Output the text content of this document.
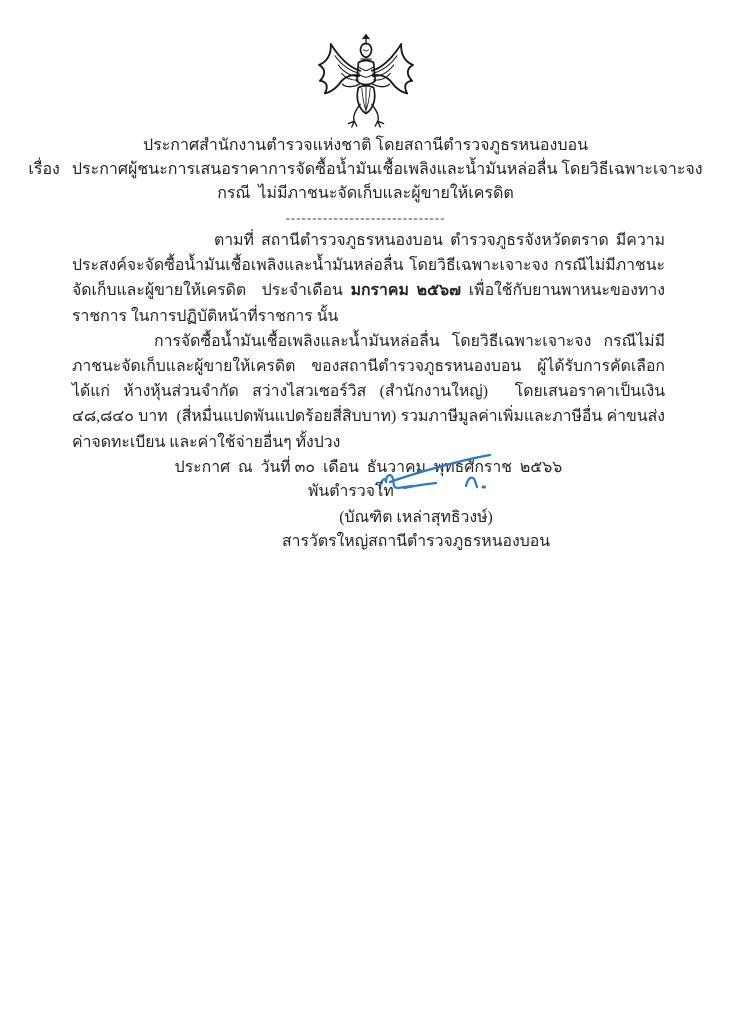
ประกาศสำนักงานตำรวจแห่งชาติ โดยสถานีตำรวจภูธรหนองบอน

เรื่อง   ประกาศผู้ชนะการเสนอราคาการจัดซื้อน้ำมันเชื้อเพลิงและน้ำมันหล่อลื่น โดยวิธีเฉพาะเจาะจง

กรณี  ไม่มีภาชนะจัดเก็บและผู้ขายให้เครดิต

------------------------------

ตามที่ สถานีตำรวจภูธรหนองบอน ตำรวจภูธรจังหวัดตราด มีความประสงค์จะจัดซื้อน้ำมันเชื้อเพลิงและน้ำมันหล่อลื่น โดยวิธีเฉพาะเจาะจง กรณีไม่มีภาชนะจัดเก็บและผู้ขายให้เครดิต  ประจำเดือน มกราคม ๒๕๖๗ เพื่อใช้กับยานพาหนะของทางราชการ ในการปฏิบัติหน้าที่ราชการ นั้น

การจัดซื้อน้ำมันเชื้อเพลิงและน้ำมันหล่อลื่น โดยวิธีเฉพาะเจาะจง กรณีไม่มีภาชนะจัดเก็บและผู้ขายให้เครดิต ของสถานีตำรวจภูธรหนองบอน ผู้ได้รับการคัดเลือกได้แก่ ห้างหุ้นส่วนจำกัด สว่างไสวเซอร์วิส (สำนักงานใหญ่)  โดยเสนอราคาเป็นเงิน ๔๘,๘๔๐ บาท  (สี่หมื่นแปดพันแปดร้อยสี่สิบบาท) รวมภาษีมูลค่าเพิ่มและภาษีอื่น ค่าขนส่ง ค่าจดทะเบียน และค่าใช้จ่ายอื่นๆ ทั้งปวง

ประกาศ  ณ  วันที่ ๓๐  เดือน  ธันวาคม  พุทธศักราช  ๒๕๖๖

พันตำรวจโท
(บัณฑิต เหล่าสุทธิวงษ์)
สารวัตรใหญ่สถานีตำรวจภูธรหนองบอน
